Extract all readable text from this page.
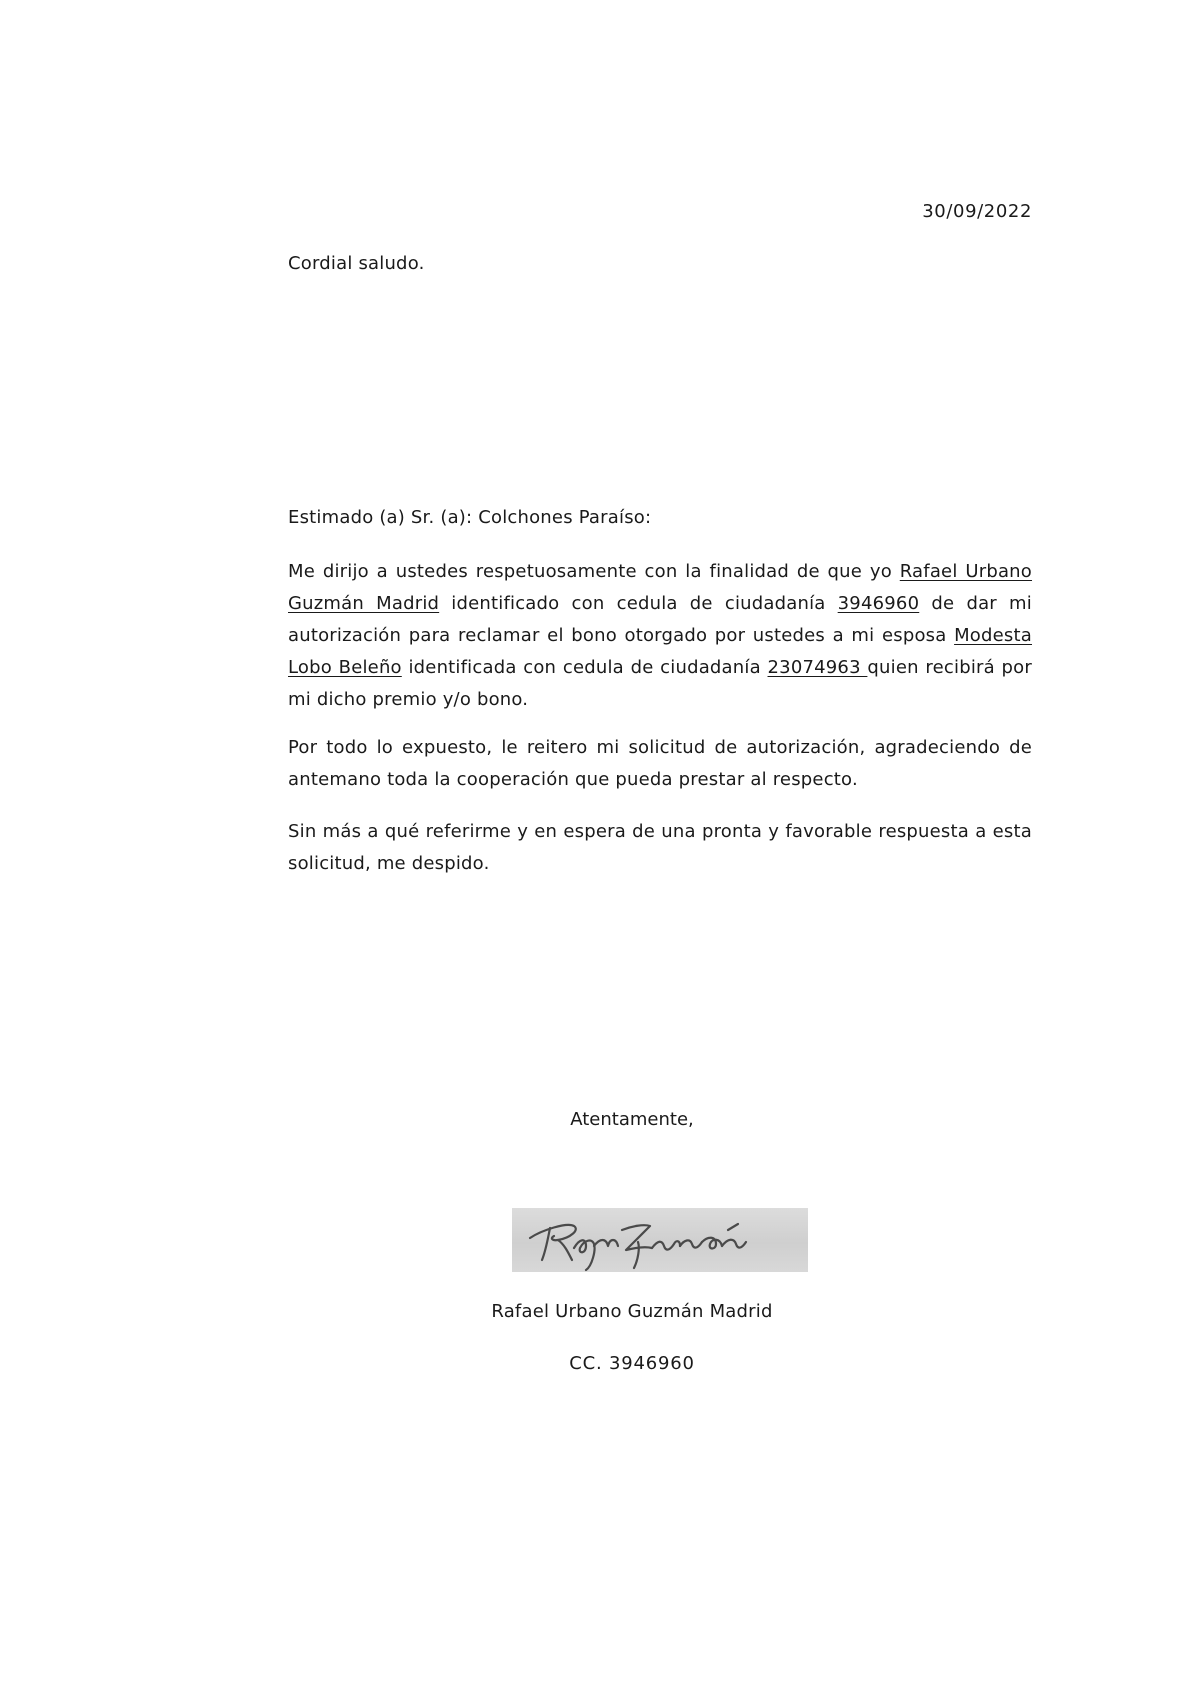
30/09/2022
Cordial saludo.
Estimado (a) Sr. (a): Colchones Paraíso:
Me dirijo a ustedes respetuosamente con la finalidad de que yo Rafael Urbano Guzmán Madrid identificado con cedula de ciudadanía 3946960 de dar mi autorización para reclamar el bono otorgado por ustedes a mi esposa Modesta Lobo Beleño identificada con cedula de ciudadanía 23074963 quien recibirá por mi dicho premio y/o bono.
Por todo lo expuesto, le reitero mi solicitud de autorización, agradeciendo de antemano toda la cooperación que pueda prestar al respecto.
Sin más a qué referirme y en espera de una pronta y favorable respuesta a esta solicitud, me despido.
Atentamente,
Rafael Urbano Guzmán Madrid
CC. 3946960
